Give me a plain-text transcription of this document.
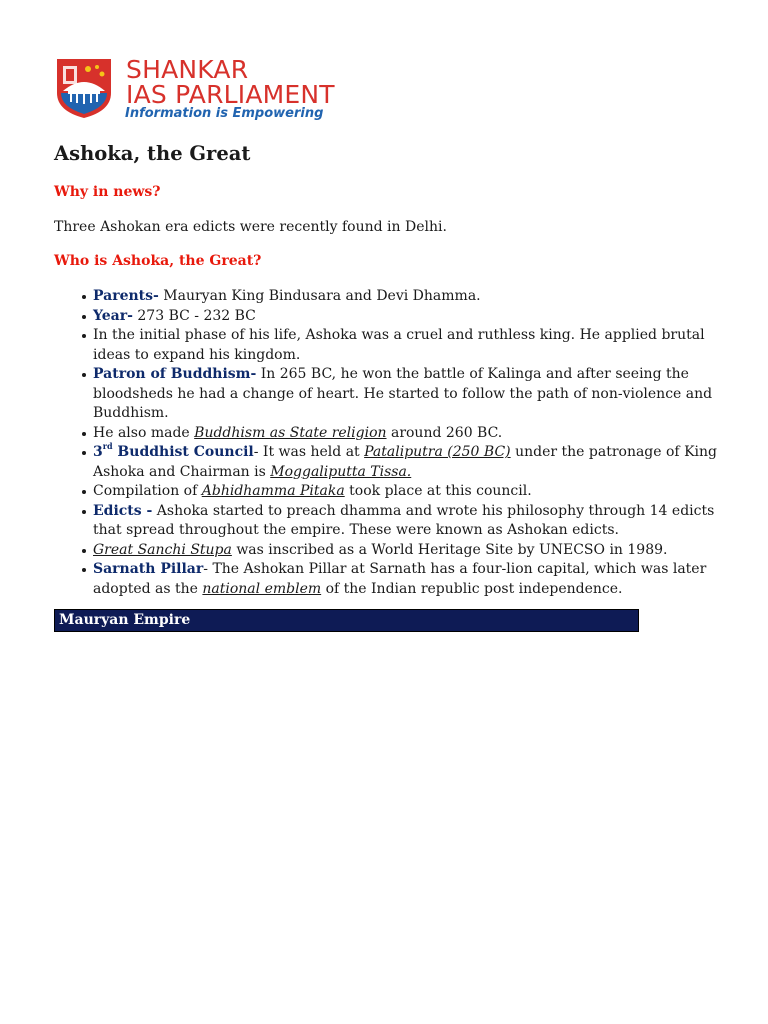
SHANKAR
IAS PARLIAMENT
Information is Empowering
Ashoka, the Great

Why in news?

Three Ashokan era edicts were recently found in Delhi.

Who is Ashoka, the Great?

Parents- Mauryan King Bindusara and Devi Dhamma.
Year- 273 BC - 232 BC
In the initial phase of his life, Ashoka was a cruel and ruthless king. He applied brutal ideas to expand his kingdom.
Patron of Buddhism- In 265 BC, he won the battle of Kalinga and after seeing the bloodsheds he had a change of heart. He started to follow the path of non-violence and Buddhism.
He also made Buddhism as State religion around 260 BC.
3rd Buddhist Council- It was held at Pataliputra (250 BC) under the patronage of King Ashoka and Chairman is Moggaliputta Tissa.
Compilation of Abhidhamma Pitaka took place at this council.
Edicts - Ashoka started to preach dhamma and wrote his philosophy through 14 edicts that spread throughout the empire. These were known as Ashokan edicts.
Great Sanchi Stupa was inscribed as a World Heritage Site by UNECSO in 1989.
Sarnath Pillar- The Ashokan Pillar at Sarnath has a four-lion capital, which was later adopted as the national emblem of the Indian republic post independence.
Mauryan Empire
